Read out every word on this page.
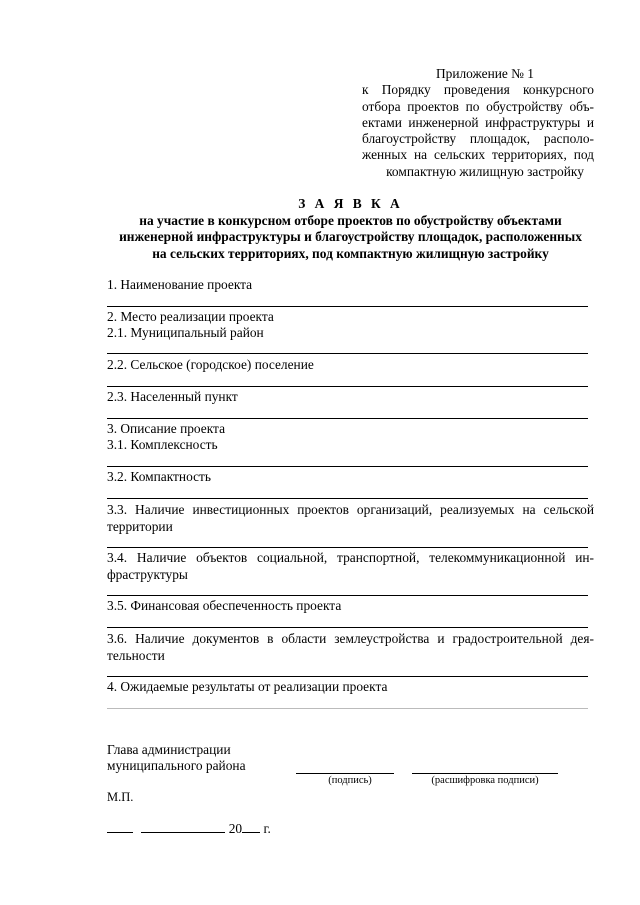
Приложение № 1
к Порядку проведения конкурсного
отбора проектов по обустройству объ-
ектами инженерной инфраструктуры и
благоустройству площадок, располо-
женных на сельских территориях, под
компактную жилищную застройку
З А Я В К А
на участие в конкурсном отборе проектов по обустройству объектами
инженерной инфраструктуры и благоустройству площадок, расположенных
на сельских территориях, под компактную жилищную застройку
1. Наименование проекта
2. Место реализации проекта
2.1. Муниципальный район
2.2. Сельское (городское) поселение
2.3. Населенный пункт
3. Описание проекта
3.1. Комплексность
3.2. Компактность
3.3. Наличие инвестиционных проектов организаций, реализуемых на сельской
территории
3.4. Наличие объектов социальной, транспортной, телекоммуникационной ин-
фраструктуры
3.5. Финансовая обеспеченность проекта
3.6. Наличие документов в области землеустройства и градостроительной дея-
тельности
4. Ожидаемые результаты от реализации проекта
Глава администрации
муниципального района
(подпись)	(расшифровка подписи)
М.П.
20 г.
